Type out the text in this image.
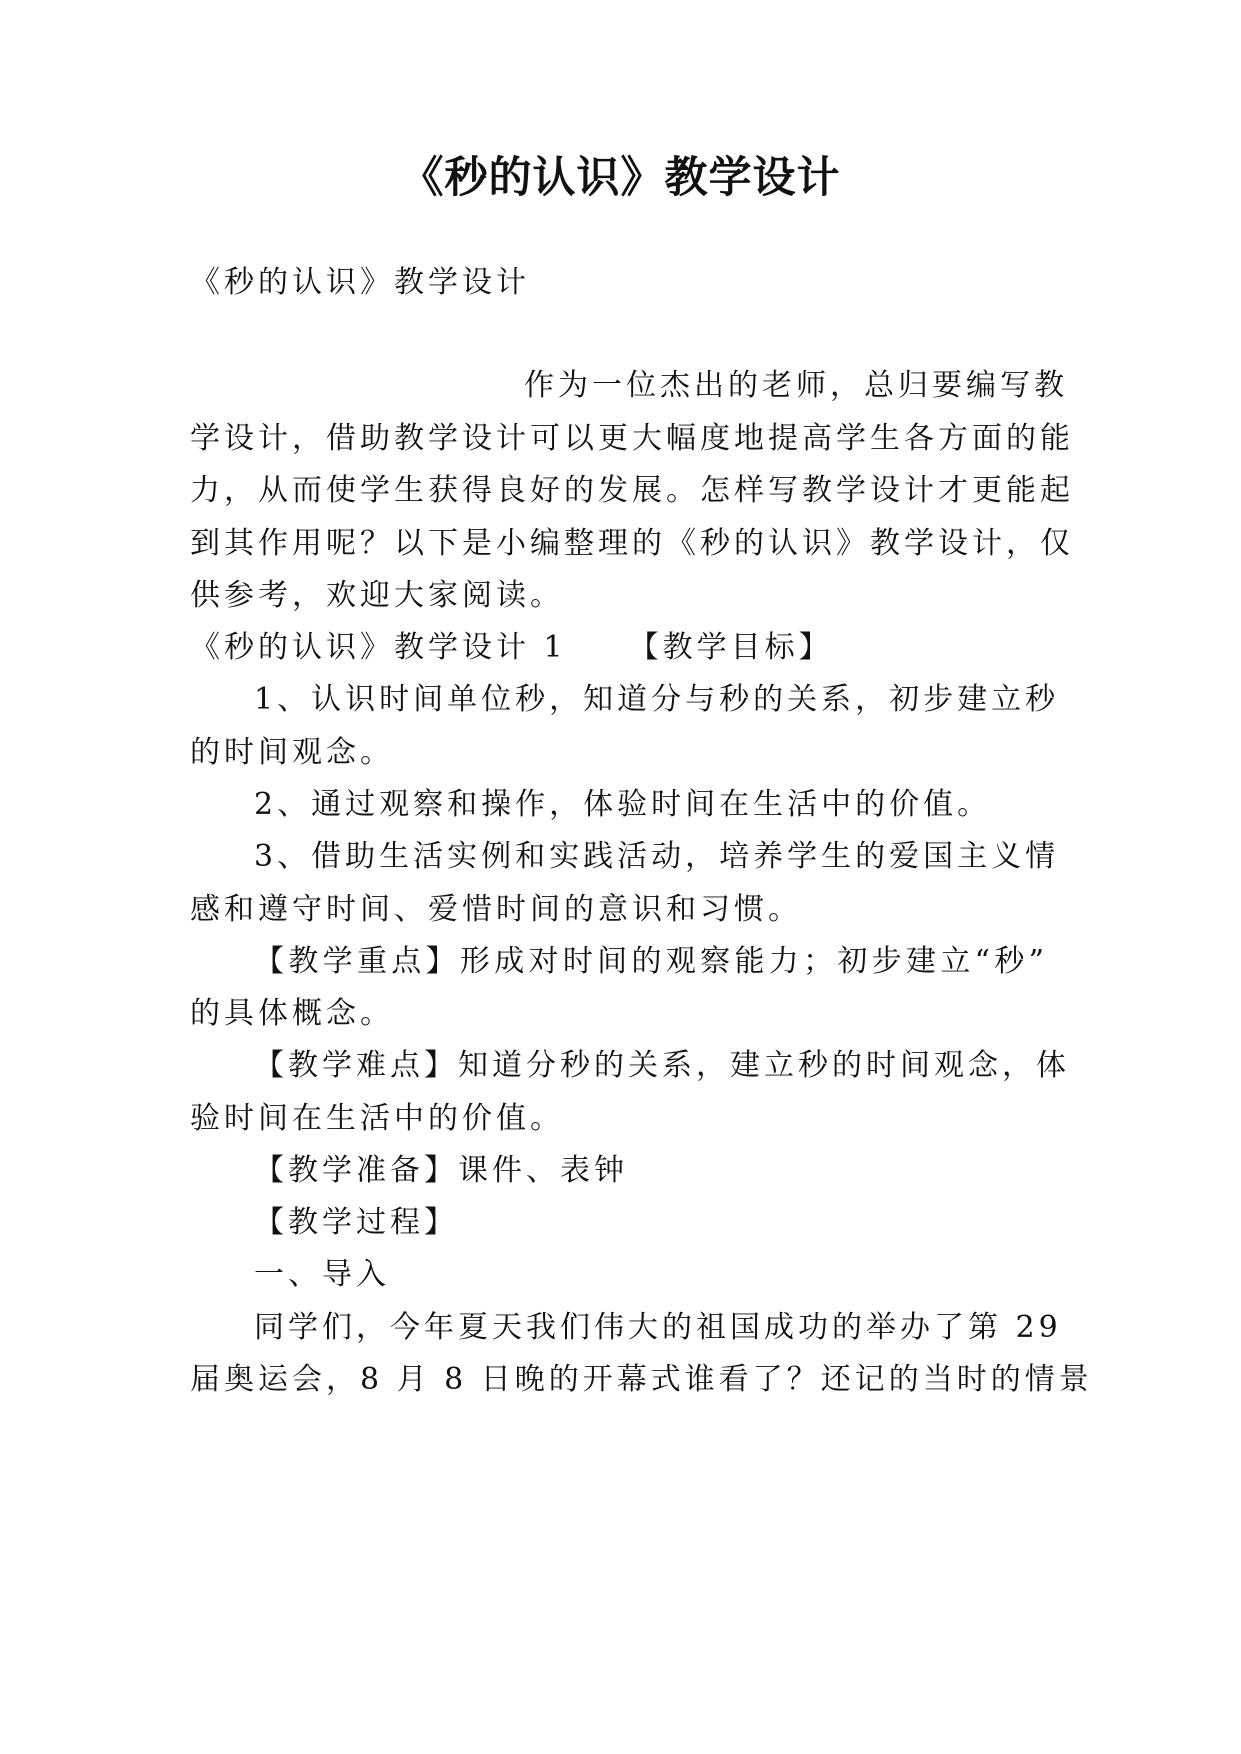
《秒的认识》教学设计
《秒的认识》教学设计
作为一位杰出的老师，总归要编写教
学设计，借助教学设计可以更大幅度地提高学生各方面的能
力，从而使学生获得良好的发展。怎样写教学设计才更能起
到其作用呢？以下是小编整理的《秒的认识》教学设计，仅
供参考，欢迎大家阅读。
《秒的认识》教学设计 1 【教学目标】
1、认识时间单位秒，知道分与秒的关系，初步建立秒
的时间观念。
2、通过观察和操作，体验时间在生活中的价值。
3、借助生活实例和实践活动，培养学生的爱国主义情
感和遵守时间、爱惜时间的意识和习惯。
【教学重点】形成对时间的观察能力；初步建立“秒”
的具体概念。
【教学难点】知道分秒的关系，建立秒的时间观念，体
验时间在生活中的价值。
【教学准备】课件、表钟
【教学过程】
一、导入
同学们，今年夏天我们伟大的祖国成功的举办了第 29
届奥运会，8 月 8 日晚的开幕式谁看了？还记的当时的情景
